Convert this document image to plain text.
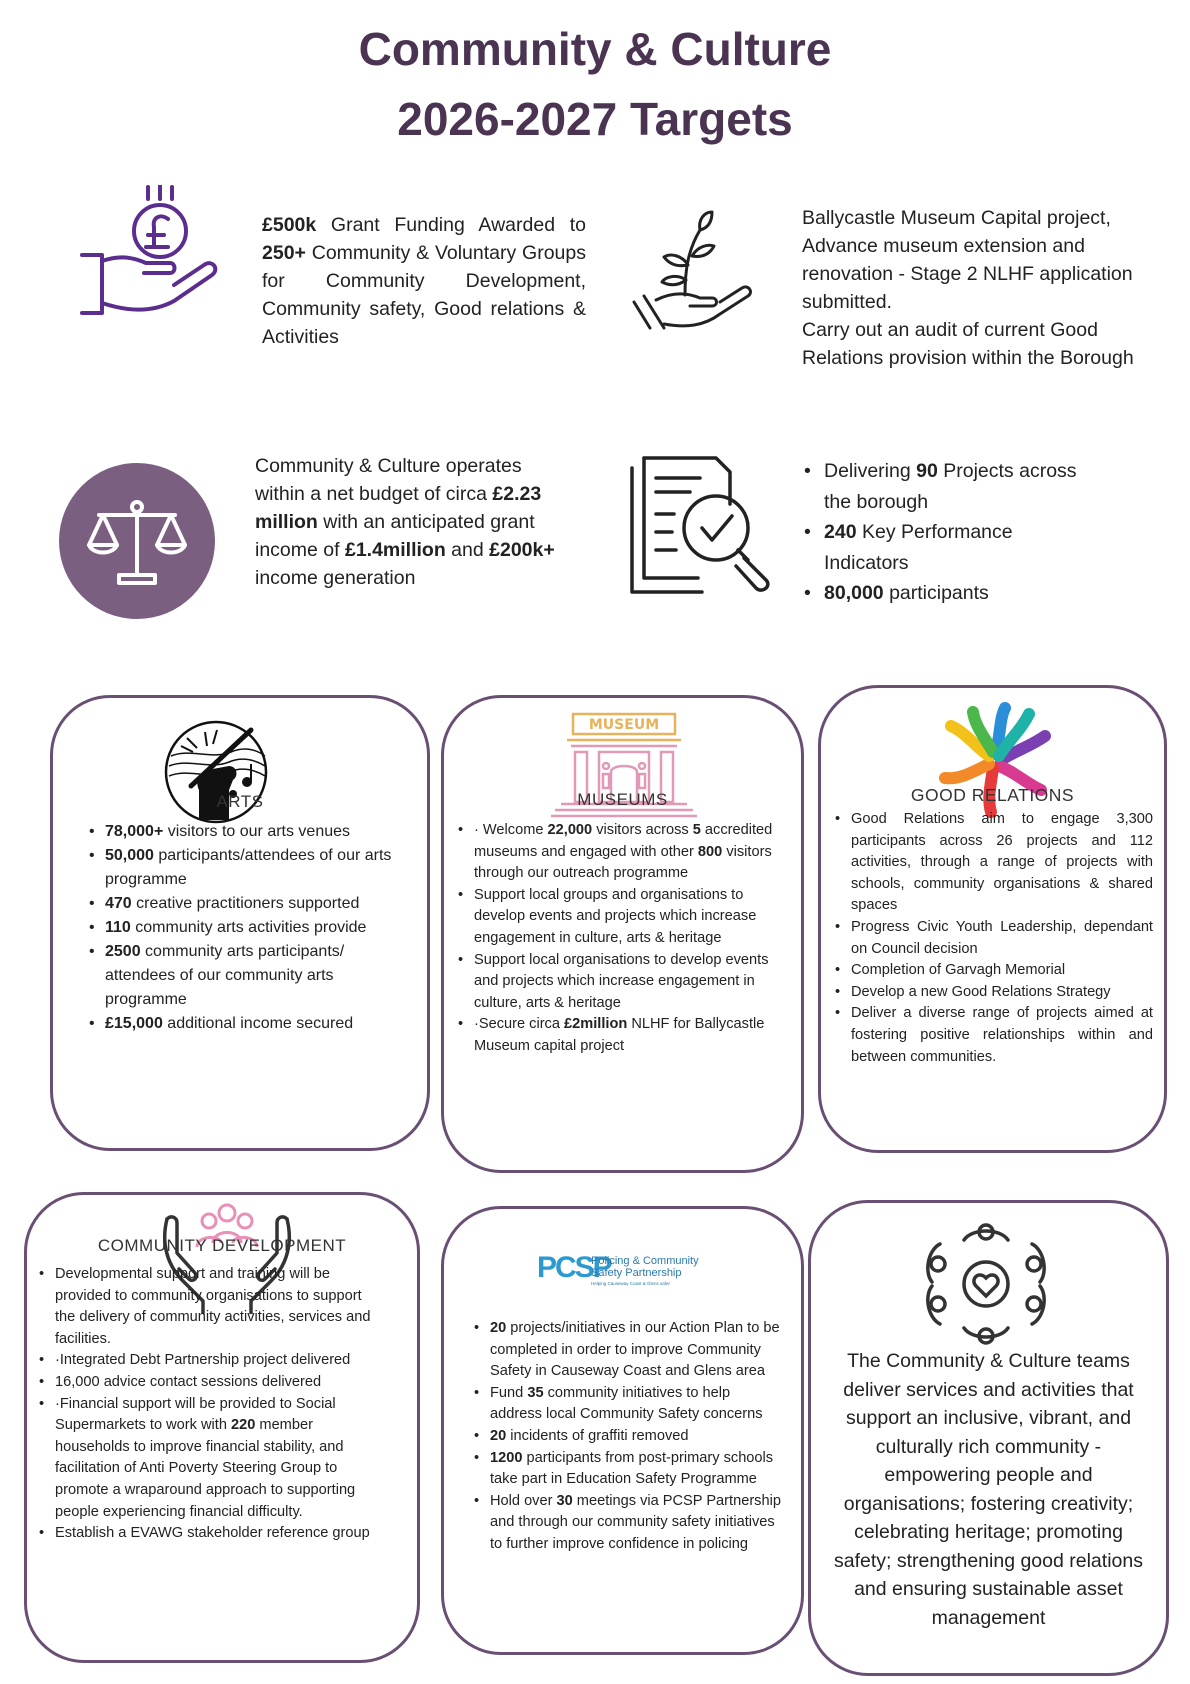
Community & Culture
2026-2027 Targets
£500k Grant Funding Awarded to 250+ Community & Voluntary Groups for Community Development, Community safety, Good relations & Activities
Ballycastle Museum Capital project, Advance museum extension and renovation - Stage 2 NLHF application submitted.
Carry out an audit of current Good Relations provision within the Borough
Community & Culture operates within a net budget of circa £2.23 million with an anticipated grant income of £1.4million and £200k+ income generation
• Delivering 90 Projects across the borough
• 240 Key Performance Indicators
• 80,000 participants
ARTS
• 78,000+ visitors to our arts venues
• 50,000 participants/attendees of our arts programme
• 470 creative practitioners supported
• 110 community arts activities provide
• 2500 community arts participants/ attendees of our community arts programme
• £15,000 additional income secured
MUSEUM
MUSEUMS
• · Welcome 22,000 visitors across 5 accredited museums and engaged with other 800 visitors through our outreach programme
• Support local groups and organisations to develop events and projects which increase engagement in culture, arts & heritage
• Support local organisations to develop events and projects which increase engagement in culture, arts & heritage
• ·Secure circa £2million NLHF for Ballycastle Museum capital project
GOOD RELATIONS
• Good Relations aim to engage 3,300 participants across 26 projects and 112 activities, through a range of projects with schools, community organisations & shared spaces
• Progress Civic Youth Leadership, dependant on Council decision
• Completion of Garvagh Memorial
• Develop a new Good Relations Strategy
• Deliver a diverse range of projects aimed at fostering positive relationships within and between communities.
COMMUNITY DEVELOPMENT
• Developmental support and training will be provided to community organisations to support the delivery of community activities, services and facilities.
• ·Integrated Debt Partnership project delivered
• 16,000 advice contact sessions delivered
• ·Financial support will be provided to Social Supermarkets to work with 220 member households to improve financial stability, and facilitation of Anti Poverty Steering Group to promote a wraparound approach to supporting people experiencing financial difficulty.
• Establish a EVAWG stakeholder reference group
PCSP
Policing & Community
Safety Partnership
Helping Causeway Coast & Glens safer
• 20 projects/initiatives in our Action Plan to be completed in order to improve Community Safety in Causeway Coast and Glens area
• Fund 35 community initiatives to help address local Community Safety concerns
• 20 incidents of graffiti removed
• 1200 participants from post-primary schools take part in Education Safety Programme
• Hold over 30 meetings via PCSP Partnership and through our community safety initiatives to further improve confidence in policing
The Community & Culture teams deliver services and activities that support an inclusive, vibrant, and culturally rich community - empowering people and organisations; fostering creativity; celebrating heritage; promoting safety; strengthening good relations and ensuring sustainable asset management
